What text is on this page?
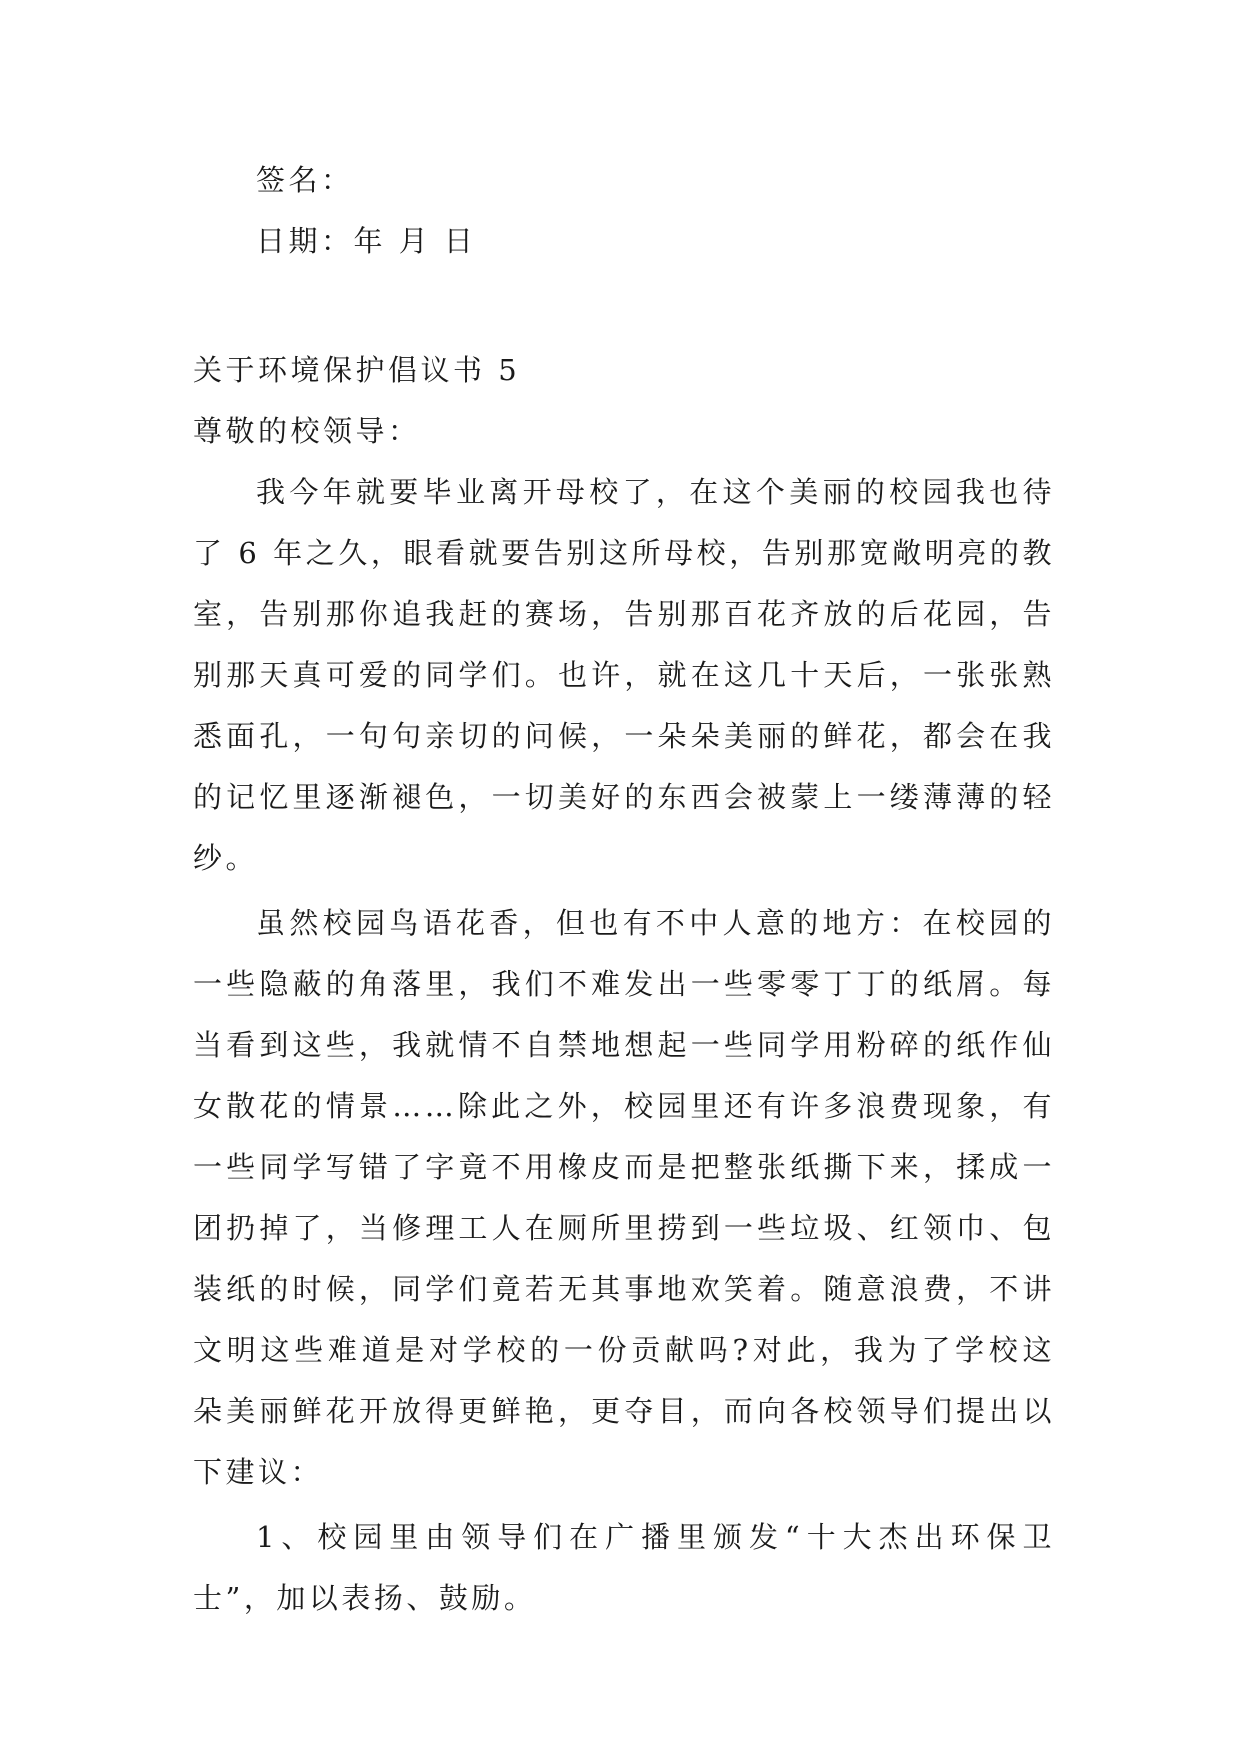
签名：
日期：年 月 日
关于环境保护倡议书 5
尊敬的校领导：

我今年就要毕业离开母校了，在这个美丽的校园我也待了 6 年之久，眼看就要告别这所母校，告别那宽敞明亮的教室，告别那你追我赶的赛场，告别那百花齐放的后花园，告别那天真可爱的同学们。也许，就在这几十天后，一张张熟悉面孔，一句句亲切的问候，一朵朵美丽的鲜花，都会在我的记忆里逐渐褪色，一切美好的东西会被蒙上一缕薄薄的轻纱。

虽然校园鸟语花香，但也有不中人意的地方：在校园的一些隐蔽的角落里，我们不难发出一些零零丁丁的纸屑。每当看到这些，我就情不自禁地想起一些同学用粉碎的纸作仙女散花的情景……除此之外，校园里还有许多浪费现象，有一些同学写错了字竟不用橡皮而是把整张纸撕下来，揉成一团扔掉了，当修理工人在厕所里捞到一些垃圾、红领巾、包装纸的时候，同学们竟若无其事地欢笑着。随意浪费，不讲文明这些难道是对学校的一份贡献吗?对此，我为了学校这朵美丽鲜花开放得更鲜艳，更夺目，而向各校领导们提出以下建议：

1、校园里由领导们在广播里颁发“十大杰出环保卫士”，加以表扬、鼓励。
